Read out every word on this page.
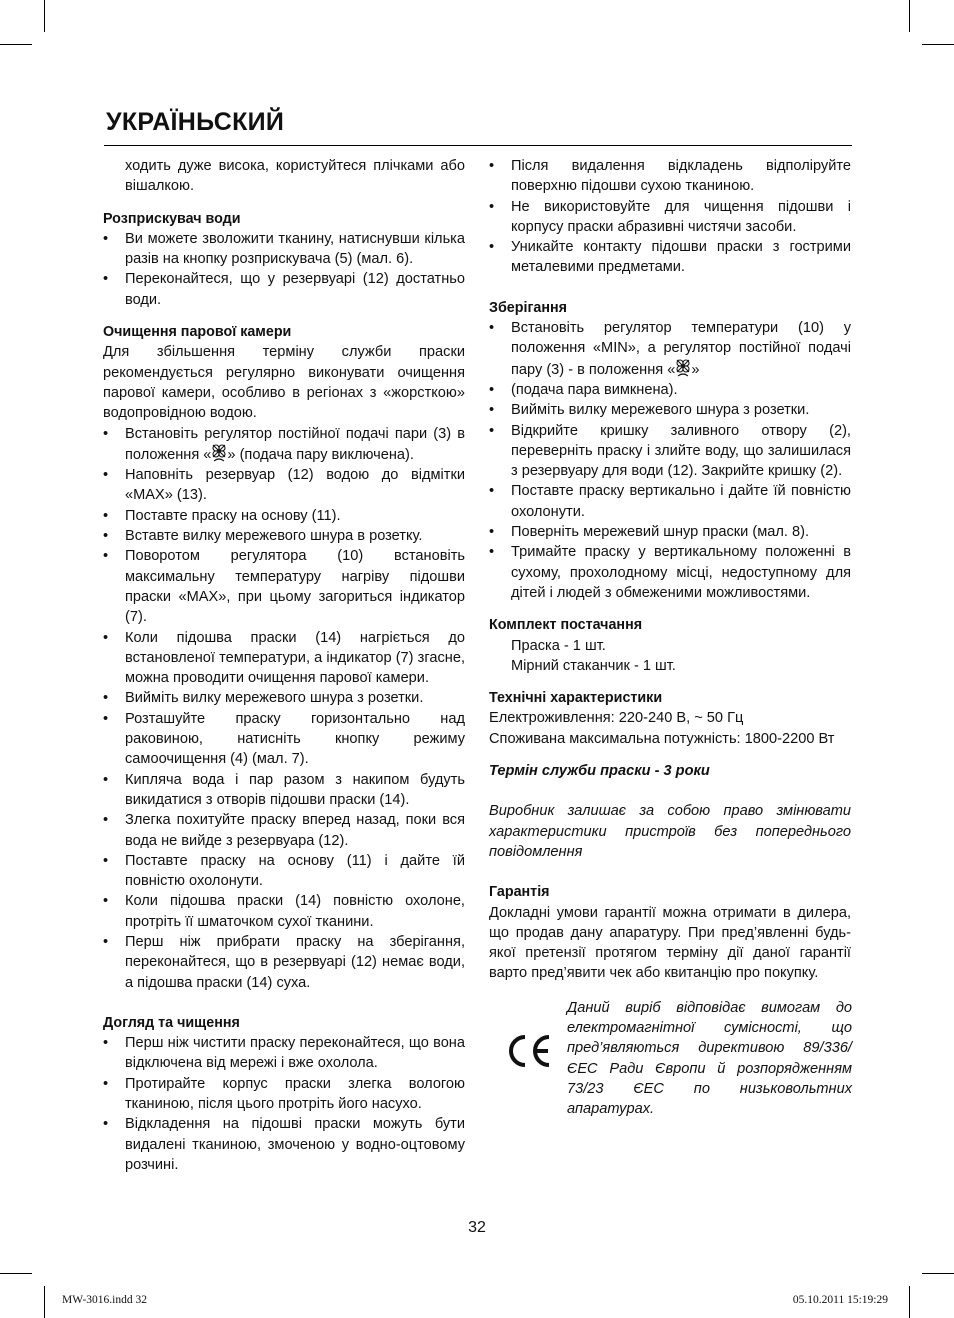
УКРАЇНЬСКИЙ

ходить дуже висока, користуйтеся плічками або вішалкою.

Розприскувач води
• Ви можете зволожити тканину, натиснувши кілька разів на кнопку розприскувача (5) (мал. 6).
• Переконайтеся, що у резервуарі (12) достатньо води.
Очищення парової камери

Для збільшення терміну служби праски рекомендується регулярно виконувати очищення парової камери, особливо в регіонах з «жорсткою» водопровідною водою.

• Встановіть регулятор постійної подачі пари (3) в положення « » (подача пару виключена).
• Наповніть резервуар (12) водою до відмітки «MAX» (13).
• Поставте праску на основу (11).
• Вставте вилку мережевого шнура в розетку.
• Поворотом регулятора (10) встановіть максимальну температуру нагріву підошви праски «MAX», при цьому загориться індикатор (7).
• Коли підошва праски (14) нагріється до встановленої температури, а індикатор (7) згасне, можна проводити очищення парової камери.
• Вийміть вилку мережевого шнура з розетки.
• Розташуйте праску горизонтально над раковиною, натисніть кнопку режиму самоочищення (4) (мал. 7).
• Кипляча вода і пар разом з накипом будуть викидатися з отворів підошви праски (14).
• Злегка похитуйте праску вперед назад, поки вся вода не вийде з резервуара (12).
• Поставте праску на основу (11) і дайте їй повністю охолонути.
• Коли підошва праски (14) повністю охолоне, протріть її шматочком сухої тканини.
• Перш ніж прибрати праску на зберігання, переконайтеся, що в резервуарі (12) немає води, а підошва праски (14) суха.
Догляд та чищення
• Перш ніж чистити праску переконайтеся, що вона відключена від мережі і вже охолола.
• Протирайте корпус праски злегка вологою тканиною, після цього протріть його насухо.
• Відкладення на підошві праски можуть бути видалені тканиною, змоченою у водно-оцтовому розчині.
• Після видалення відкладень відполіруйте поверхню підошви сухою тканиною.
• Не використовуйте для чищення підошви і корпусу праски абразивні чистячи засоби.
• Уникайте контакту підошви праски з гострими металевими предметами.
Зберігання
• Встановіть регулятор температури (10) у положення «MIN», а регулятор постійної подачі пару (3) - в положення « »
• (подача пара вимкнена).
• Вийміть вилку мережевого шнура з розетки.
• Відкрийте кришку заливного отвору (2), переверніть праску і злийте воду, що залишилася з резервуару для води (12). Закрийте кришку (2).
• Поставте праску вертикально і дайте їй повністю охолонути.
• Поверніть мережевий шнур праски (мал. 8).
• Тримайте праску у вертикальному положенні в сухому, прохолодному місці, недоступному для дітей і людей з обмеженими можливостями.
Комплект постачання

Праска - 1 шт.

Мірний стаканчик - 1 шт.

Технічні характеристики

Електроживлення: 220-240 В, ~ 50 Гц

Споживана максимальна потужність: 1800-2200 Вт

Термін служби праски - 3 роки

Виробник залишає за собою право змінювати характеристики пристроїв без попереднього повідомлення

Гарантія

Докладні умови гарантії можна отримати в дилера, що продав дану апаратуру. При пред’явленні будь-якої претензії протягом терміну дії даної гарантії варто пред’явити чек або квитанцію про покупку.

Даний виріб відповідає вимогам до електромагнітної сумісності, що пред’являються директивою 89/336/ЄЕС Ради Європи й розпорядженням 73/23 ЄЕС по низьковольтних апаратурах.

32
MW-3016.indd 32	05.10.2011 15:19:29
